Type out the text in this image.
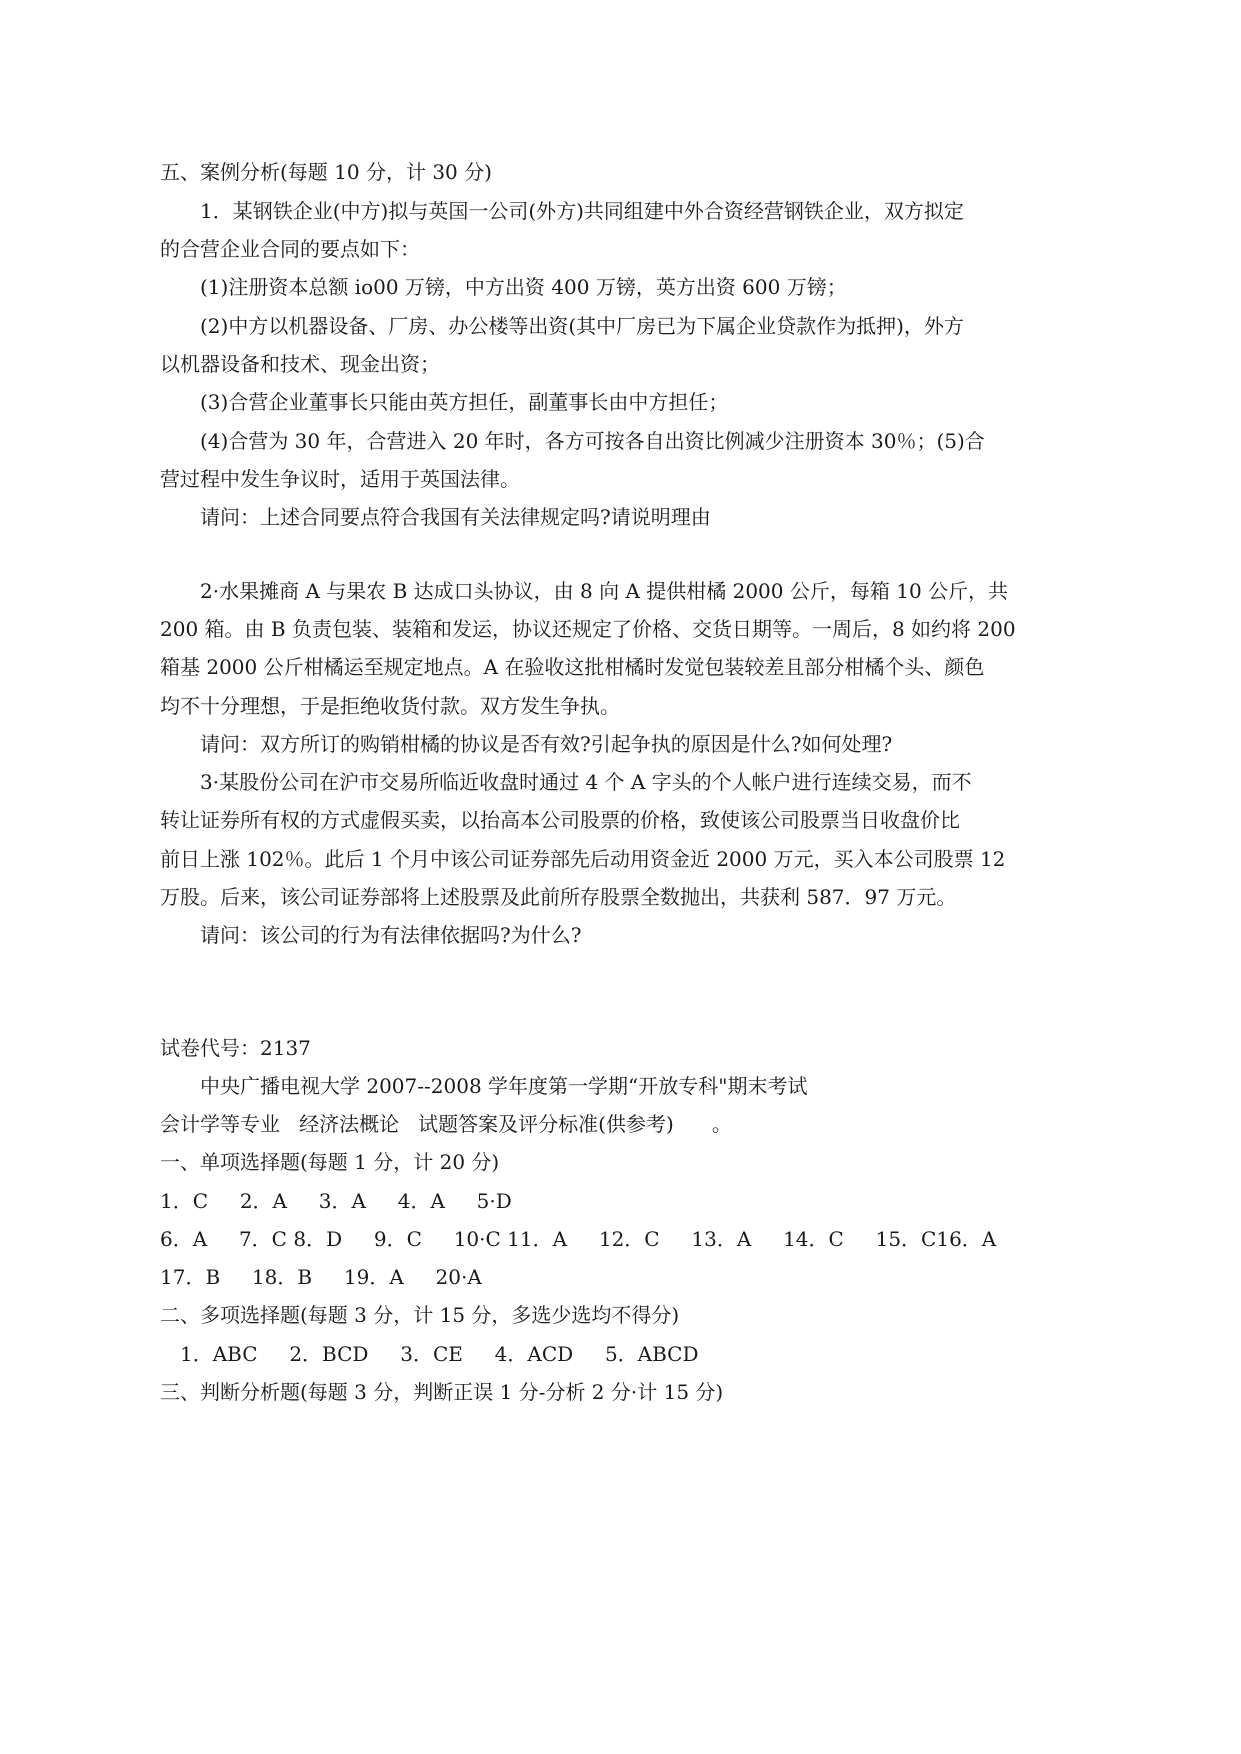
五、案例分析(每题 10 分，计 30 分)

1．某钢铁企业(中方)拟与英国一公司(外方)共同组建中外合资经营钢铁企业，双方拟定

的合营企业合同的要点如下：

(1)注册资本总额 io00 万镑，中方出资 400 万镑，英方出资 600 万镑；

(2)中方以机器设备、厂房、办公楼等出资(其中厂房已为下属企业贷款作为抵押)，外方

以机器设备和技术、现金出资；

(3)合营企业董事长只能由英方担任，副董事长由中方担任；

(4)合营为 30 年，合营进入 20 年时，各方可按各自出资比例减少注册资本 30％；(5)合

营过程中发生争议时，适用于英国法律。

请问：上述合同要点符合我国有关法律规定吗?请说明理由

2·水果摊商 A 与果农 B 达成口头协议，由 8 向 A 提供柑橘 2000 公斤，每箱 10 公斤，共

200 箱。由 B 负责包装、装箱和发运，协议还规定了价格、交货日期等。一周后，8 如约将 200

箱基 2000 公斤柑橘运至规定地点。A 在验收这批柑橘时发觉包装较差且部分柑橘个头、颜色

均不十分理想，于是拒绝收货付款。双方发生争执。

请问：双方所订的购销柑橘的协议是否有效?引起争执的原因是什么?如何处理?

3·某股份公司在沪市交易所临近收盘时通过 4 个 A 字头的个人帐户进行连续交易，而不

转让证券所有权的方式虚假买卖，以抬高本公司股票的价格，致使该公司股票当日收盘价比

前日上涨 102％。此后 1 个月中该公司证券部先后动用资金近 2000 万元，买入本公司股票 12

万股。后来，该公司证券部将上述股票及此前所存股票全数抛出，共获利 587．97 万元。

请问：该公司的行为有法律依据吗?为什么?

试卷代号：2137

中央广播电视大学 2007--2008 学年度第一学期“开放专科"期末考试

会计学等专业   经济法概论   试题答案及评分标准(供参考)      。

一、单项选择题(每题 1 分，计 20 分)

1．C     2．A     3．A     4．A     5·D

6．A     7．C 8．D     9．C     10·C 11．A     12．C     13．A     14．C     15．C16．A

17．B     18．B     19．A     20·A

二、多项选择题(每题 3 分，计 15 分，多选少选均不得分)

1．ABC     2．BCD     3．CE     4．ACD     5．ABCD

三、判断分析题(每题 3 分，判断正误 1 分-分析 2 分·计 15 分)
